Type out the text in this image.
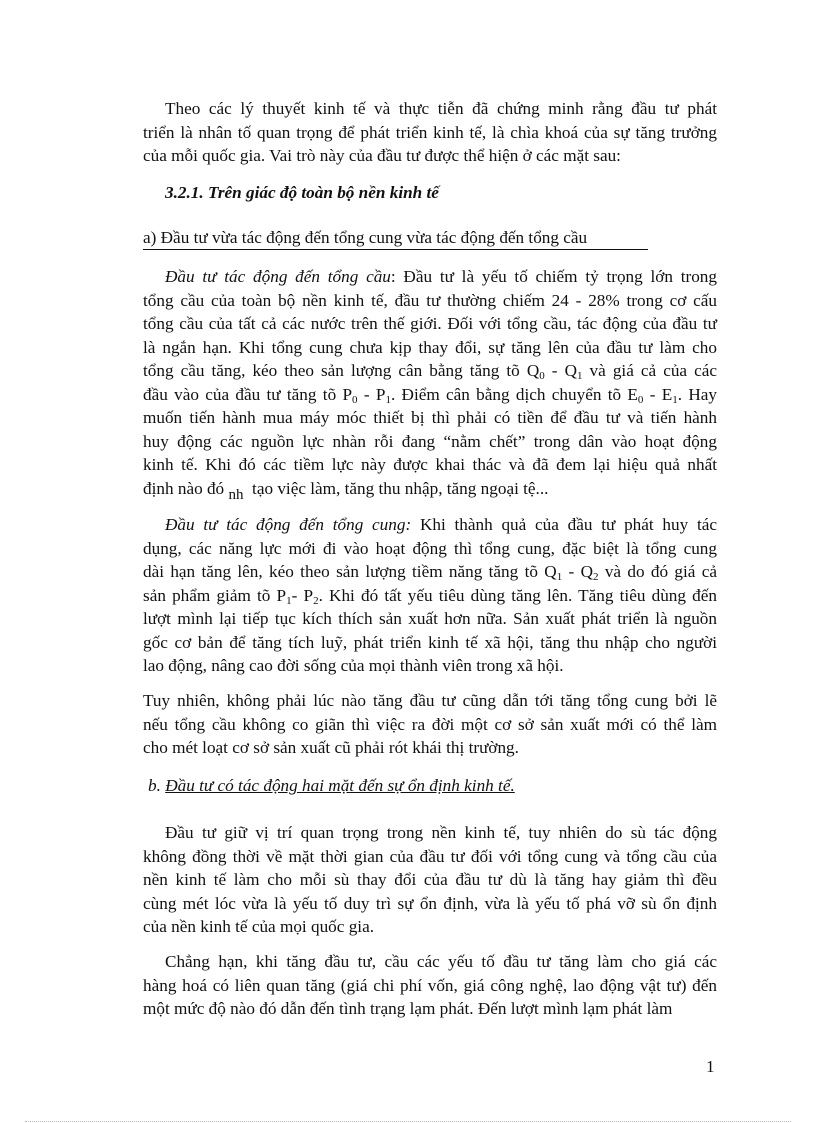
Theo các lý thuyết kinh tế và thực tiễn đã chứng minh rằng đầu tư phát
triển là nhân tố quan trọng để phát triển kinh tế, là chìa khoá của sự tăng trưởng
của mỗi quốc gia. Vai trò này của đầu tư được thể hiện ở các mặt sau:

3.2.1. Trên giác độ toàn bộ nền kinh tế
a) Đầu tư vừa tác động đến tổng cung vừa tác động đến tổng cầu

Đầu tư tác động đến tổng cầu: Đầu tư là yếu tố chiếm tỷ trọng lớn trong
tổng cầu của toàn bộ nền kinh tế, đầu tư thường chiếm 24 - 28% trong cơ cấu
tổng cầu của tất cả các nước trên thế giới. Đối với tổng cầu, tác động của đầu tư
là ngắn hạn. Khi tổng cung chưa kịp thay đổi, sự tăng lên của đầu tư làm cho
tổng cầu tăng, kéo theo sản lượng cân bằng tăng tõ $Q_0 - Q_1$ và giá cả của các
đầu vào của đầu tư tăng tõ $P_0 - P_1$. Điểm cân bằng dịch chuyển tõ $E_0 - E_1$. Hay
muốn tiến hành mua máy móc thiết bị thì phải có tiền để đầu tư và tiến hành
huy động các nguồn lực nhàn rỗi đang “nằm chết” trong dân vào hoạt động
kinh tế. Khi đó các tiềm lực này được khai thác và đã đem lại hiệu quả nhất
định nào đó $_{nh}$ tạo việc làm, tăng thu nhập, tăng ngoại tệ...

Đầu tư tác động đến tổng cung: Khi thành quả của đầu tư phát huy tác
dụng, các năng lực mới đi vào hoạt động thì tổng cung, đặc biệt là tổng cung
dài hạn tăng lên, kéo theo sản lượng tiềm năng tăng tõ $Q_1 - Q_2$ và do đó giá cả
sản phẩm giảm tõ $P_1-$ $P_2$. Khi đó tất yếu tiêu dùng tăng lên. Tăng tiêu dùng đến
lượt mình lại tiếp tục kích thích sản xuất hơn nữa. Sản xuất phát triển là nguồn
gốc cơ bản để tăng tích luỹ, phát triển kinh tế xã hội, tăng thu nhập cho người
lao động, nâng cao đời sống của mọi thành viên trong xã hội.

Tuy nhiên, không phải lúc nào tăng đầu tư cũng dẫn tới tăng tổng cung bởi lẽ
nếu tổng cầu không co giãn thì việc ra đời một cơ sở sản xuất mới có thể làm
cho mét loạt cơ sở sản xuất cũ phải rót khái thị trường.

b. Đầu tư có tác động hai mặt đến sự ổn định kinh tế.

Đầu tư giữ vị trí quan trọng trong nền kinh tế, tuy nhiên do sù tác động
không đồng thời về mặt thời gian của đầu tư đối với tổng cung và tổng cầu của
nền kinh tế làm cho mỗi sù thay đổi của đầu tư dù là tăng hay giảm thì đều
cùng mét lóc vừa là yếu tố duy trì sự ổn định, vừa là yếu tố phá vỡ sù ổn định
của nền kinh tế của mọi quốc gia.

Chẳng hạn, khi tăng đầu tư, cầu các yếu tố đầu tư tăng làm cho giá các
hàng hoá có liên quan tăng (giá chi phí vốn, giá công nghệ, lao động vật tư) đến
một mức độ nào đó dẫn đến tình trạng lạm phát. Đến lượt mình lạm phát làm

1
